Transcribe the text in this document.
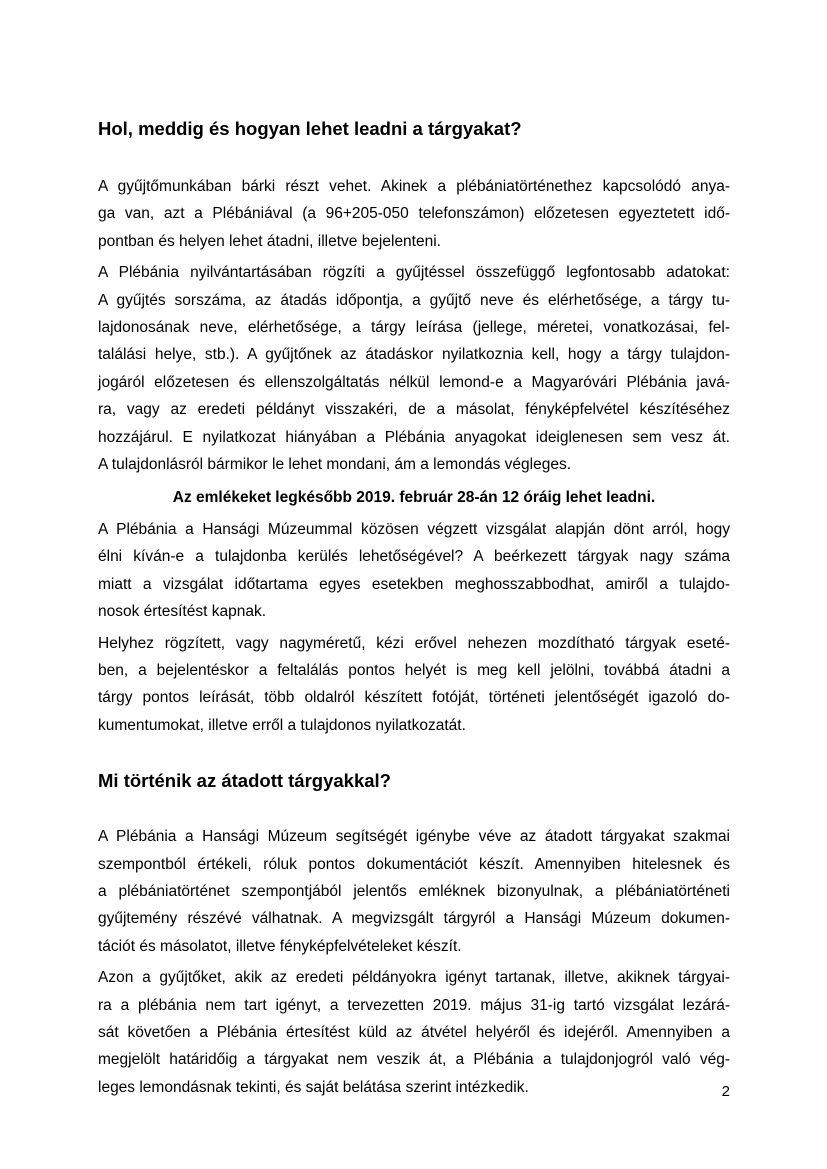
Hol, meddig és hogyan lehet leadni a tárgyakat?
A gyűjtőmunkában bárki részt vehet. Akinek a plébániatörténethez kapcsolódó anya-
ga van, azt a Plébániával (a 96+205-050 telefonszámon) előzetesen egyeztetett idő-
pontban és helyen lehet átadni, illetve bejelenteni.
A Plébánia nyilvántartásában rögzíti a gyűjtéssel összefüggő legfontosabb adatokat:
A gyűjtés sorszáma, az átadás időpontja, a gyűjtő neve és elérhetősége, a tárgy tu-
lajdonosának neve, elérhetősége, a tárgy leírása (jellege, méretei, vonatkozásai, fel-
találási helye, stb.). A gyűjtőnek az átadáskor nyilatkoznia kell, hogy a tárgy tulajdon-
jogáról előzetesen és ellenszolgáltatás nélkül lemond-e a Magyaróvári Plébánia javá-
ra, vagy az eredeti példányt visszakéri, de a másolat, fényképfelvétel készítéséhez
hozzájárul. E nyilatkozat hiányában a Plébánia anyagokat ideiglenesen sem vesz át.
A tulajdonlásról bármikor le lehet mondani, ám a lemondás végleges.

Az emlékeket legkésőbb 2019. február 28-án 12 óráig lehet leadni.

A Plébánia a Hansági Múzeummal közösen végzett vizsgálat alapján dönt arról, hogy
élni kíván-e a tulajdonba kerülés lehetőségével? A beérkezett tárgyak nagy száma
miatt a vizsgálat időtartama egyes esetekben meghosszabbodhat, amiről a tulajdo-
nosok értesítést kapnak.
Helyhez rögzített, vagy nagyméretű, kézi erővel nehezen mozdítható tárgyak eseté-
ben, a bejelentéskor a feltalálás pontos helyét is meg kell jelölni, továbbá átadni a
tárgy pontos leírását, több oldalról készített fotóját, történeti jelentőségét igazoló do-
kumentumokat, illetve erről a tulajdonos nyilatkozatát.
Mi történik az átadott tárgyakkal?
A Plébánia a Hansági Múzeum segítségét igénybe véve az átadott tárgyakat szakmai
szempontból értékeli, róluk pontos dokumentációt készít. Amennyiben hitelesnek és
a plébániatörténet szempontjából jelentős emléknek bizonyulnak, a plébániatörténeti
gyűjtemény részévé válhatnak. A megvizsgált tárgyról a Hansági Múzeum dokumen-
tációt és másolatot, illetve fényképfelvételeket készít.
Azon a gyűjtőket, akik az eredeti példányokra igényt tartanak, illetve, akiknek tárgyai-
ra a plébánia nem tart igényt, a tervezetten 2019. május 31-ig tartó vizsgálat lezárá-
sát követően a Plébánia értesítést küld az átvétel helyéről és idejéről. Amennyiben a
megjelölt határidőig a tárgyakat nem veszik át, a Plébánia a tulajdonjogról való vég-
leges lemondásnak tekinti, és saját belátása szerint intézkedik.	2
